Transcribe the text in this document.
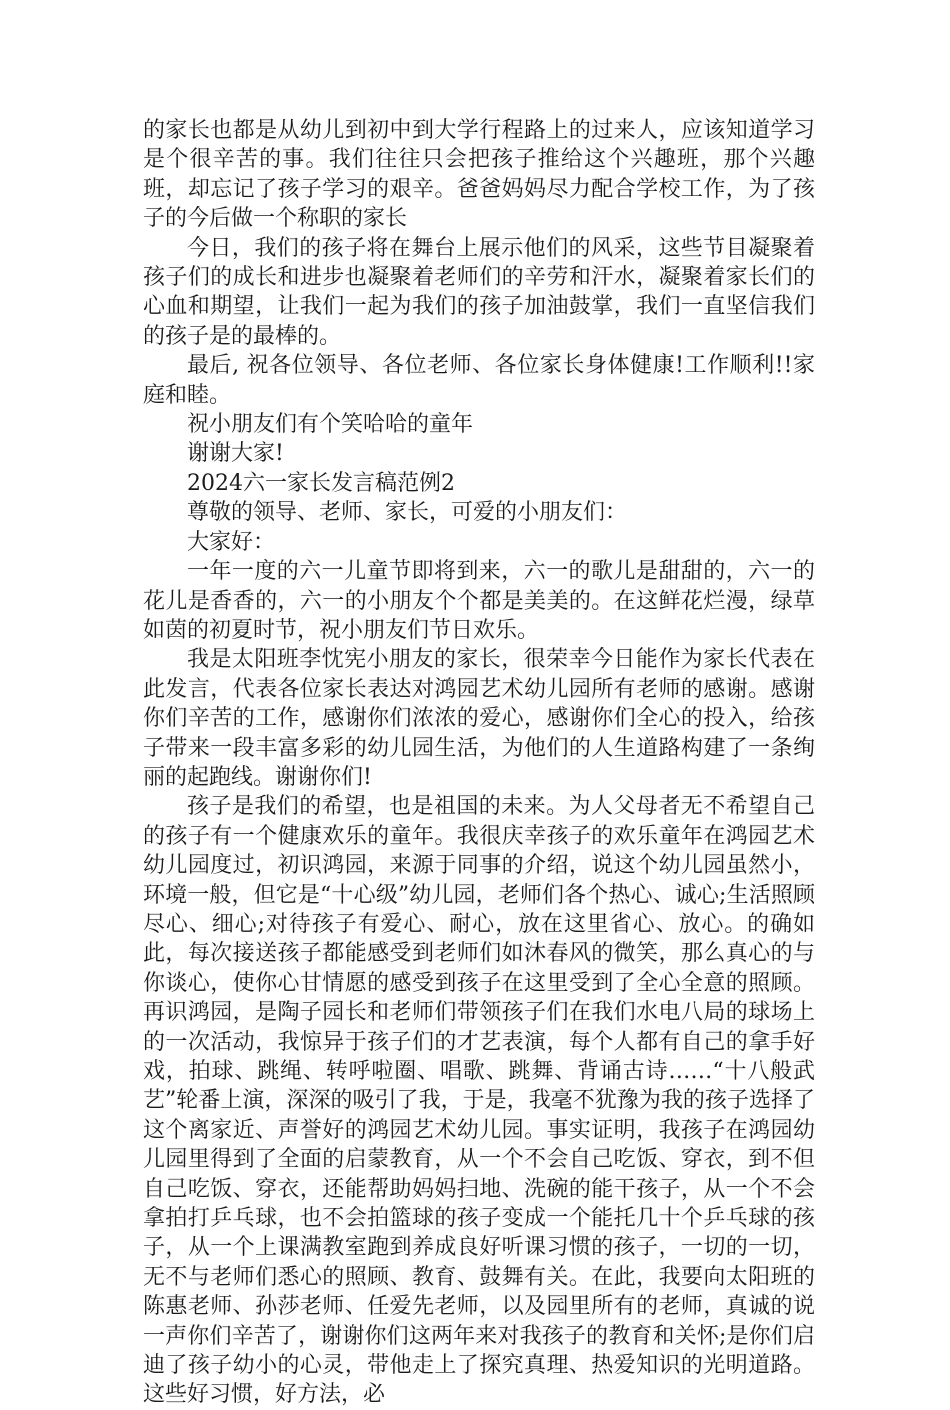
的家长也都是从幼儿到初中到大学行程路上的过来人，应该知道学习是个很辛苦的事。我们往往只会把孩子推给这个兴趣班，那个兴趣班，却忘记了孩子学习的艰辛。爸爸妈妈尽力配合学校工作，为了孩子的今后做一个称职的家长

今日，我们的孩子将在舞台上展示他们的风采，这些节目凝聚着孩子们的成长和进步也凝聚着老师们的辛劳和汗水，凝聚着家长们的心血和期望，让我们一起为我们的孩子加油鼓掌，我们一直坚信我们的孩子是的最棒的。

最后, 祝各位领导、各位老师、各位家长身体健康!工作顺利!!家庭和睦。

祝小朋友们有个笑哈哈的童年

谢谢大家!

2024六一家长发言稿范例2

尊敬的领导、老师、家长，可爱的小朋友们：

大家好：

一年一度的六一儿童节即将到来，六一的歌儿是甜甜的，六一的花儿是香香的，六一的小朋友个个都是美美的。在这鲜花烂漫，绿草如茵的初夏时节，祝小朋友们节日欢乐。

我是太阳班李忱宪小朋友的家长，很荣幸今日能作为家长代表在此发言，代表各位家长表达对鸿园艺术幼儿园所有老师的感谢。感谢你们辛苦的工作，感谢你们浓浓的爱心，感谢你们全心的投入，给孩子带来一段丰富多彩的幼儿园生活，为他们的人生道路构建了一条绚丽的起跑线。谢谢你们!

孩子是我们的希望，也是祖国的未来。为人父母者无不希望自己的孩子有一个健康欢乐的童年。我很庆幸孩子的欢乐童年在鸿园艺术幼儿园度过，初识鸿园，来源于同事的介绍，说这个幼儿园虽然小，环境一般，但它是“十心级”幼儿园，老师们各个热心、诚心;生活照顾尽心、细心;对待孩子有爱心、耐心，放在这里省心、放心。的确如此，每次接送孩子都能感受到老师们如沐春风的微笑，那么真心的与你谈心，使你心甘情愿的感受到孩子在这里受到了全心全意的照顾。再识鸿园，是陶子园长和老师们带领孩子们在我们水电八局的球场上的一次活动，我惊异于孩子们的才艺表演，每个人都有自己的拿手好戏，拍球、跳绳、转呼啦圈、唱歌、跳舞、背诵古诗……“十八般武艺”轮番上演，深深的吸引了我，于是，我毫不犹豫为我的孩子选择了这个离家近、声誉好的鸿园艺术幼儿园。事实证明，我孩子在鸿园幼儿园里得到了全面的启蒙教育，从一个不会自己吃饭、穿衣，到不但自己吃饭、穿衣，还能帮助妈妈扫地、洗碗的能干孩子，从一个不会拿拍打乒乓球，也不会拍篮球的孩子变成一个能托几十个乒乓球的孩子，从一个上课满教室跑到养成良好听课习惯的孩子，一切的一切，无不与老师们悉心的照顾、教育、鼓舞有关。在此，我要向太阳班的陈惠老师、孙莎老师、任爱先老师，以及园里所有的老师，真诚的说一声你们辛苦了，谢谢你们这两年来对我孩子的教育和关怀;是你们启迪了孩子幼小的心灵，带他走上了探究真理、热爱知识的光明道路。这些好习惯，好方法，必
